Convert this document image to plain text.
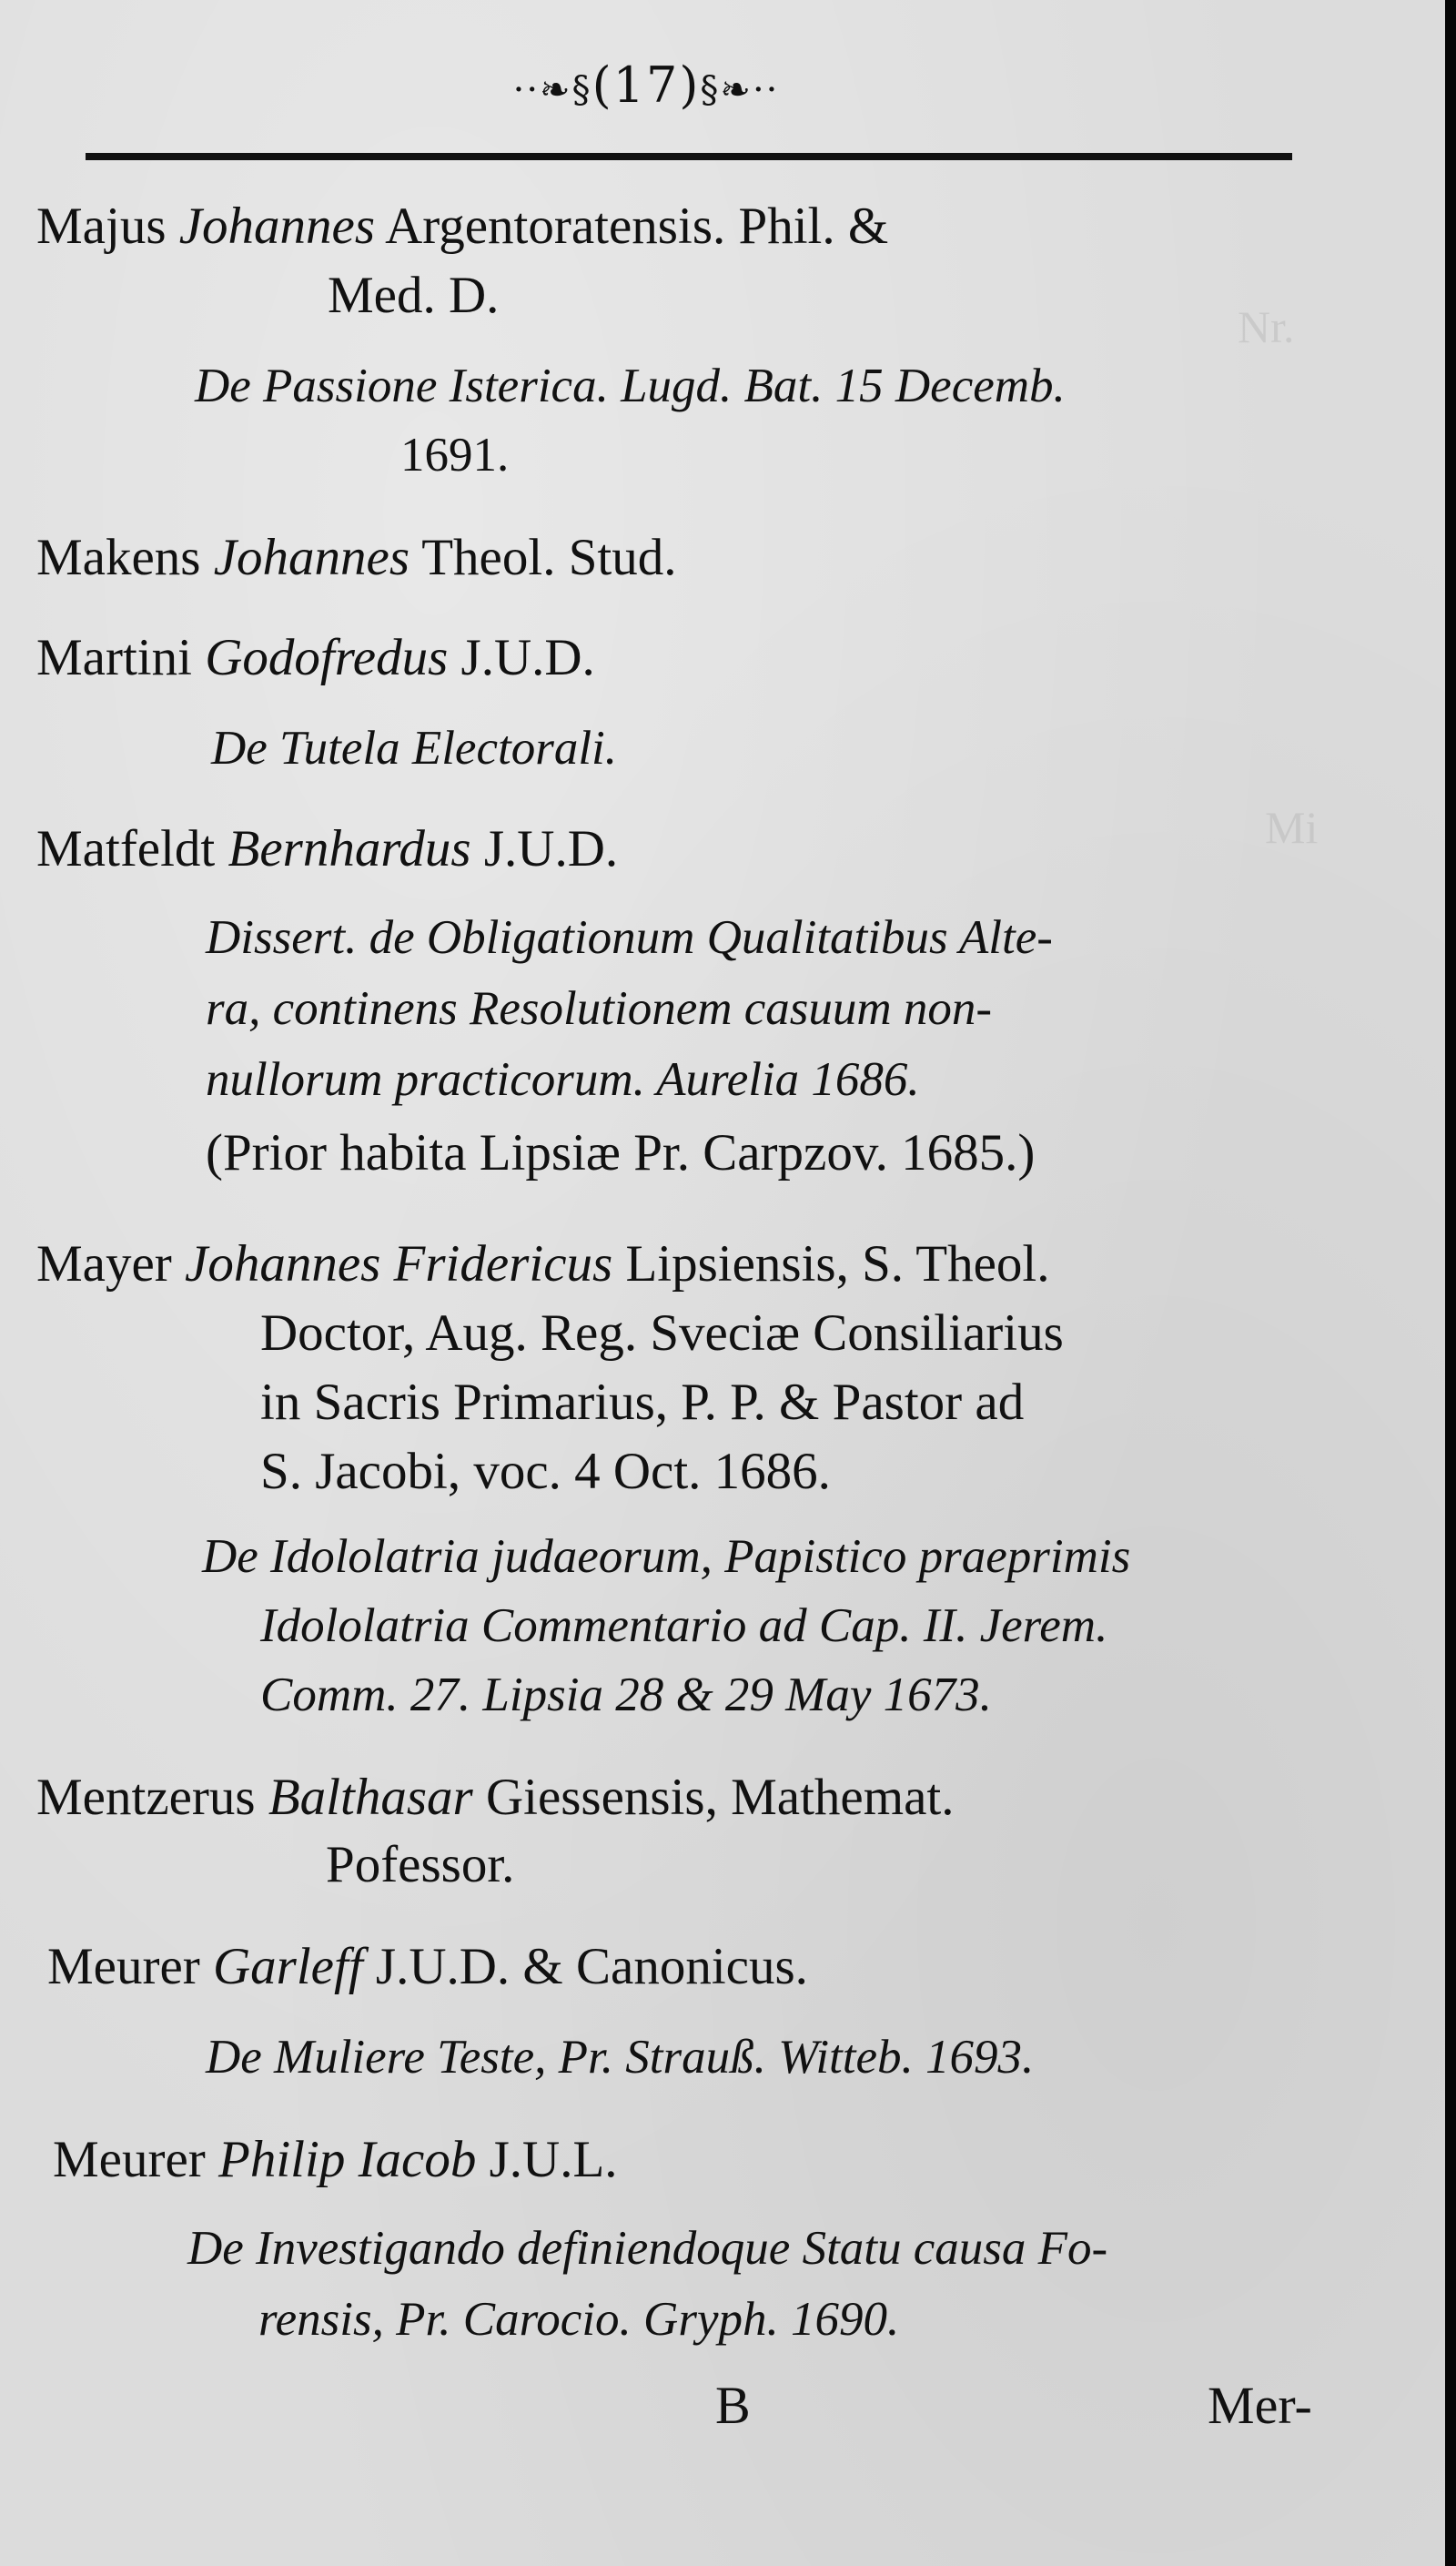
Nr.
Mi
··❧§(17)§❧··
Majus Johannes Argentoratensis. Phil. &
Med. D.
De Passione Isterica. Lugd. Bat. 15 Decemb.
1691.
Makens Johannes Theol. Stud.
Martini Godofredus J.U.D.
De Tutela Electorali.
Matfeldt Bernhardus J.U.D.
Dissert. de Obligationum Qualitatibus Alte-
ra, continens Resolutionem casuum non-
nullorum practicorum. Aurelia 1686.
(Prior habita Lipsiæ Pr. Carpzov. 1685.)
Mayer Johannes Fridericus Lipsiensis, S. Theol.
Doctor, Aug. Reg. Sveciæ Consiliarius
in Sacris Primarius, P. P. & Pastor ad
S. Jacobi, voc. 4 Oct. 1686.
De Idololatria judaeorum, Papistico praeprimis
Idololatria Commentario ad Cap. II. Jerem.
Comm. 27. Lipsia 28 & 29 May 1673.
Mentzerus Balthasar Giessensis, Mathemat.
Pofessor.
Meurer Garleff J.U.D. & Canonicus.
De Muliere Teste, Pr. Strauß. Witteb. 1693.
Meurer Philip Iacob J.U.L.
De Investigando definiendoque Statu causa Fo-
rensis, Pr. Carocio. Gryph. 1690.
B	Mer-
